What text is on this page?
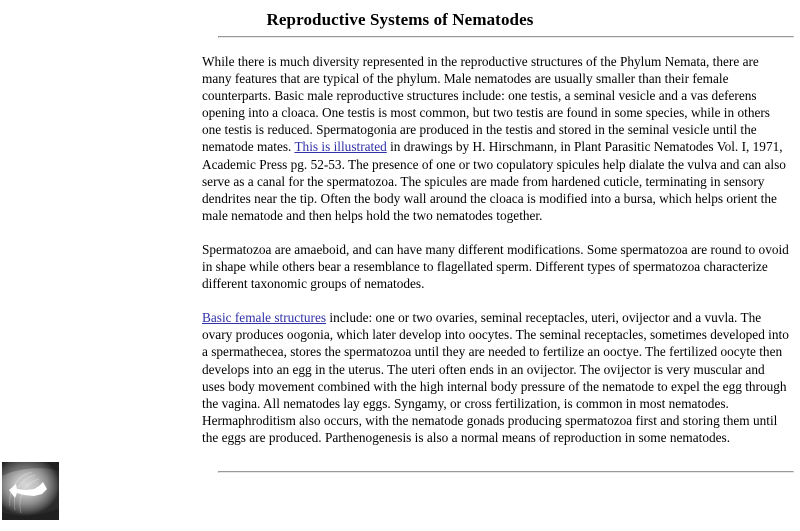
Reproductive Systems of Nematodes

While there is much diversity represented in the reproductive structures of the Phylum Nemata, there are many features that are typical of the phylum. Male nematodes are usually smaller than their female counterparts. Basic male reproductive structures include: one testis, a seminal vesicle and a vas deferens opening into a cloaca. One testis is most common, but two testis are found in some species, while in others one testis is reduced. Spermatogonia are produced in the testis and stored in the seminal vesicle until the nematode mates. This is illustrated in drawings by H. Hirschmann, in Plant Parasitic Nematodes Vol. I, 1971, Academic Press pg. 52-53. The presence of one or two copulatory spicules help dialate the vulva and can also serve as a canal for the spermatozoa. The spicules are made from hardened cuticle, terminating in sensory dendrites near the tip. Often the body wall around the cloaca is modified into a bursa, which helps orient the male nematode and then helps hold the two nematodes together.

Spermatozoa are amaeboid, and can have many different modifications. Some spermatozoa are round to ovoid in shape while others bear a resemblance to flagellated sperm. Different types of spermatozoa characterize different taxonomic groups of nematodes.

Basic female structures include: one or two ovaries, seminal receptacles, uteri, ovijector and a vuvla. The ovary produces oogonia, which later develop into oocytes. The seminal receptacles, sometimes developed into a spermathecea, stores the spermatozoa until they are needed to fertilize an ooctye. The fertilized oocyte then develops into an egg in the uterus. The uteri often ends in an ovijector. The ovijector is very muscular and uses body movement combined with the high internal body pressure of the nematode to expel the egg through the vagina. All nematodes lay eggs. Syngamy, or cross fertilization, is common in most nematodes. Hermaphroditism also occurs, with the nematode gonads producing spermatozoa first and storing them until the eggs are produced. Parthenogenesis is also a normal means of reproduction in some nematodes.
